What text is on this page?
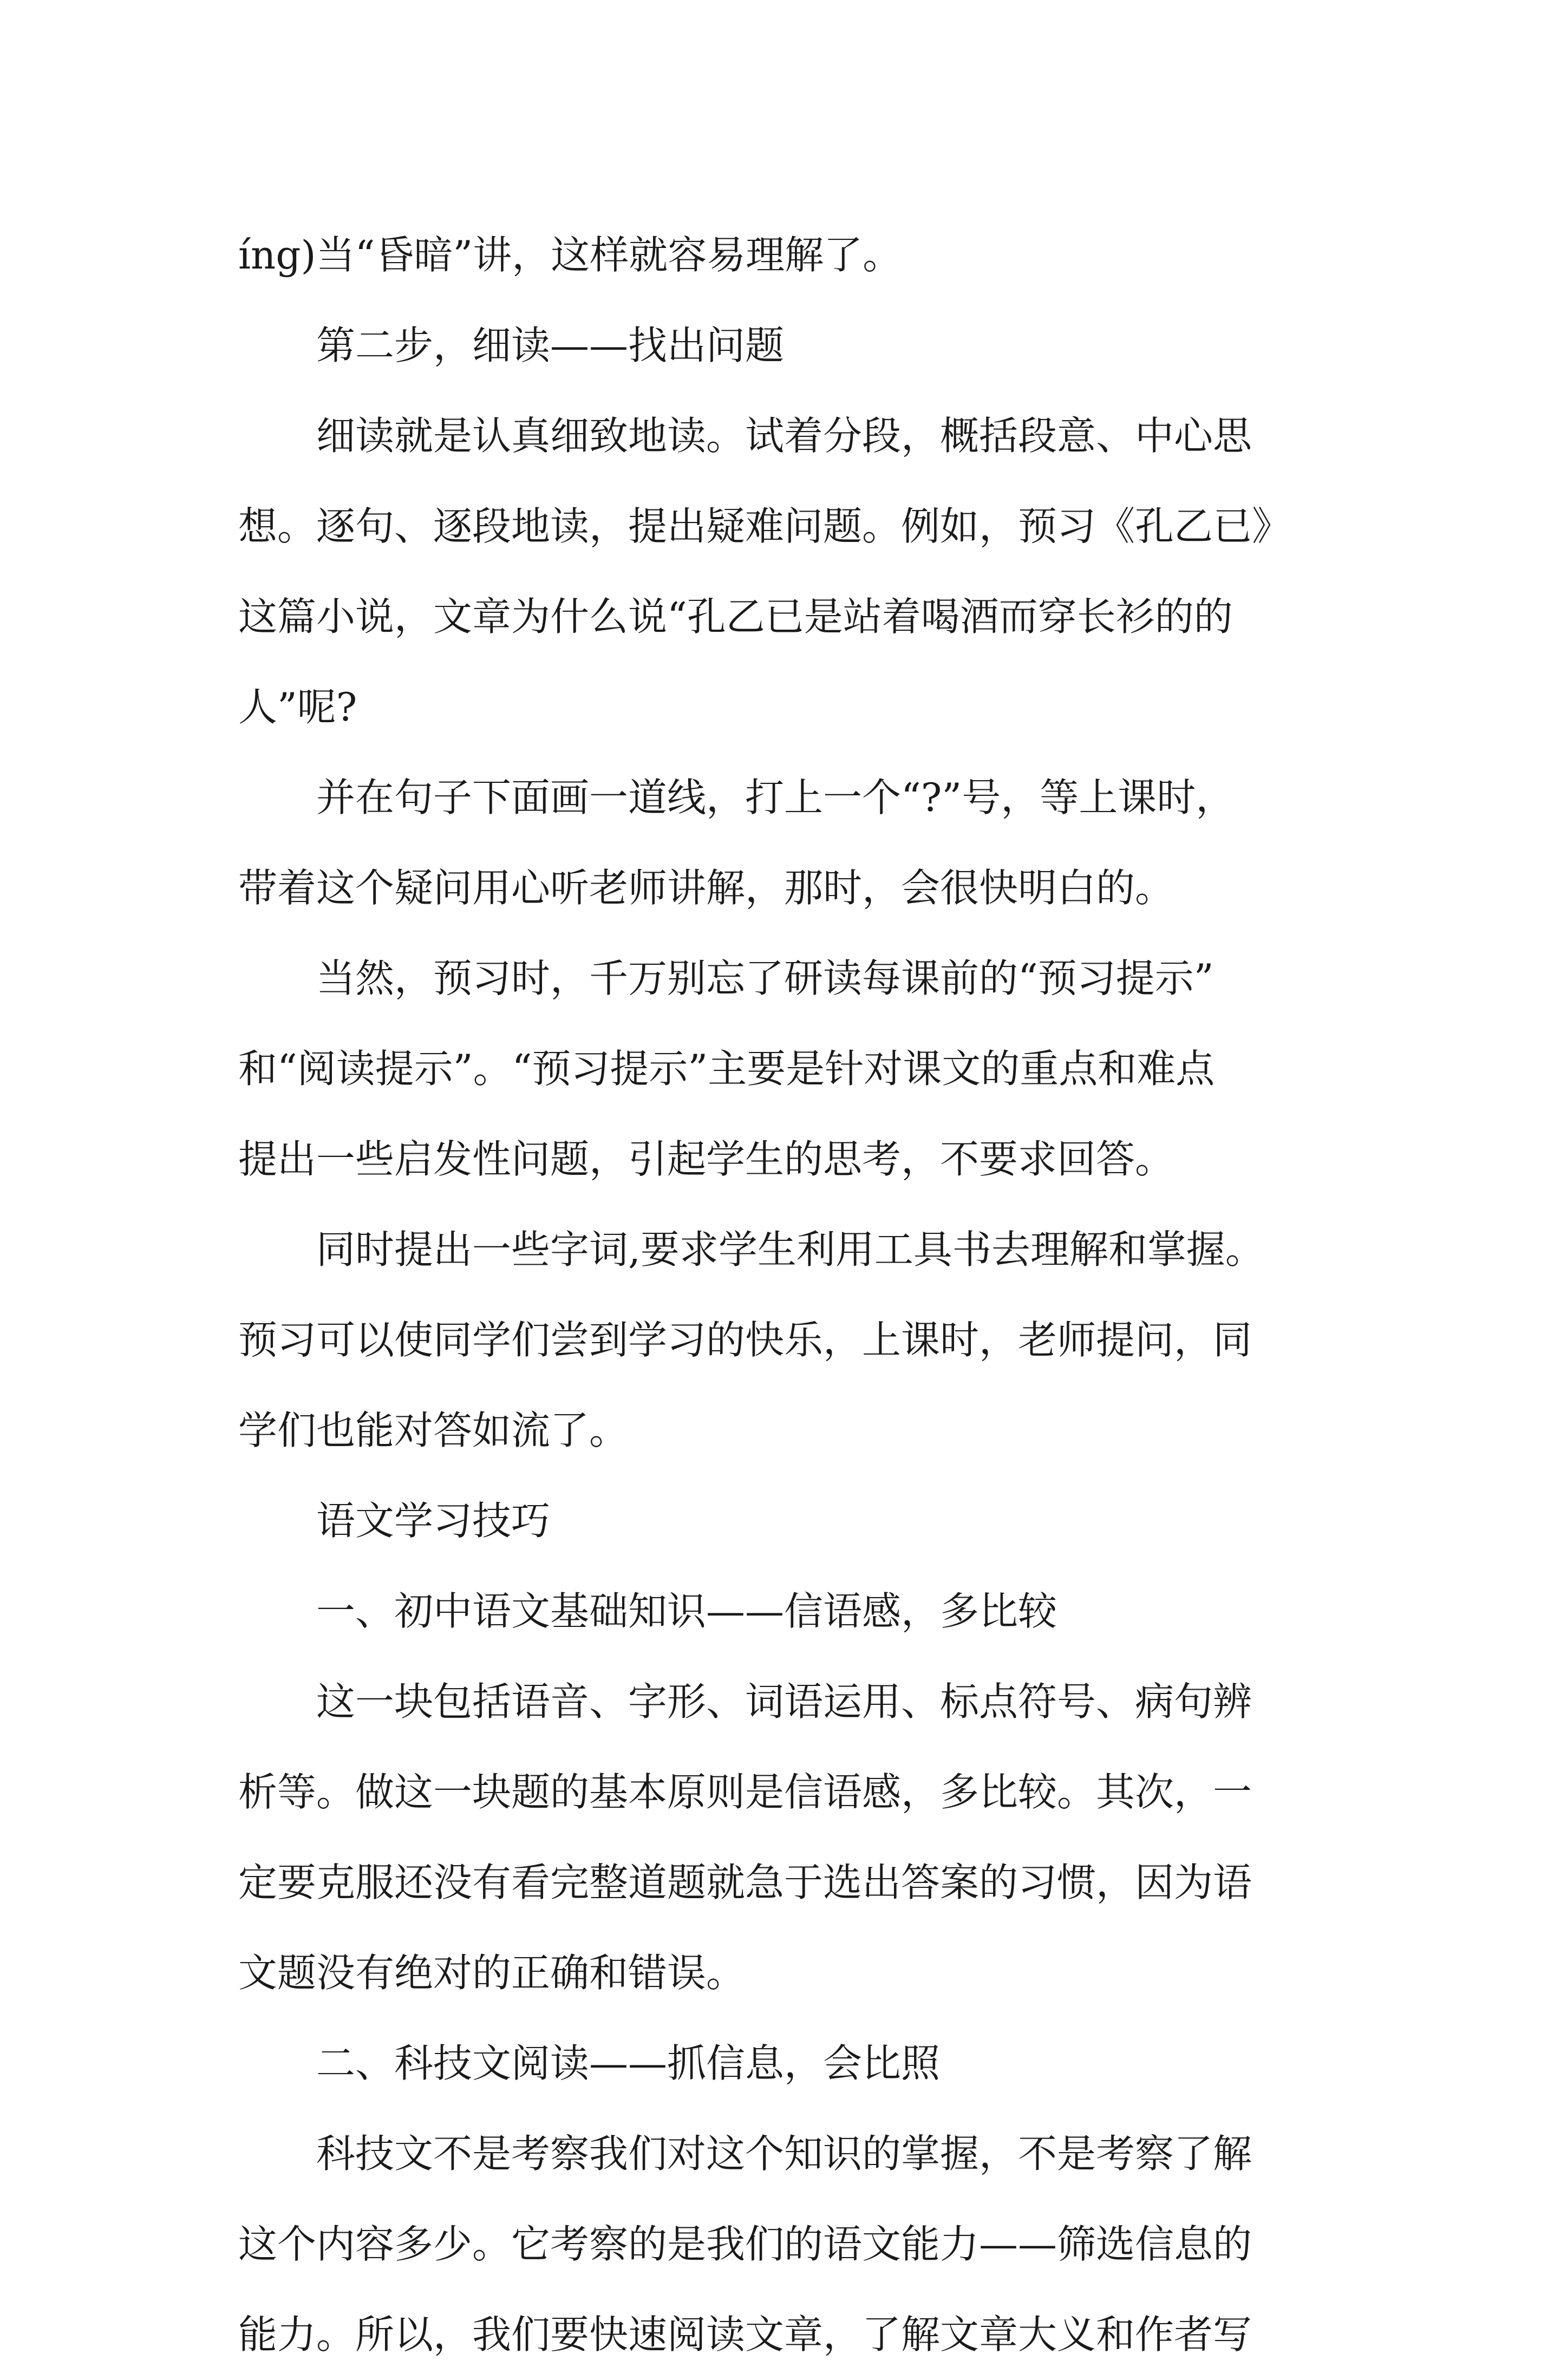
íng)当“昏暗”讲，这样就容易理解了。
第二步，细读——找出问题
细读就是认真细致地读。试着分段，概括段意、中心思
想。逐句、逐段地读，提出疑难问题。例如，预习《孔乙已》
这篇小说，文章为什么说“孔乙已是站着喝酒而穿长衫的的
人”呢?
并在句子下面画一道线，打上一个“?”号，等上课时，
带着这个疑问用心听老师讲解，那时，会很快明白的。
当然，预习时，千万别忘了研读每课前的“预习提示”
和“阅读提示”。“预习提示”主要是针对课文的重点和难点
提出一些启发性问题，引起学生的思考，不要求回答。
同时提出一些字词,要求学生利用工具书去理解和掌握。
预习可以使同学们尝到学习的快乐，上课时，老师提问，同
学们也能对答如流了。
语文学习技巧
一、初中语文基础知识——信语感，多比较
这一块包括语音、字形、词语运用、标点符号、病句辨
析等。做这一块题的基本原则是信语感，多比较。其次，一
定要克服还没有看完整道题就急于选出答案的习惯，因为语
文题没有绝对的正确和错误。
二、科技文阅读——抓信息，会比照
科技文不是考察我们对这个知识的掌握，不是考察了解
这个内容多少。它考察的是我们的语文能力——筛选信息的
能力。所以，我们要快速阅读文章，了解文章大义和作者写
